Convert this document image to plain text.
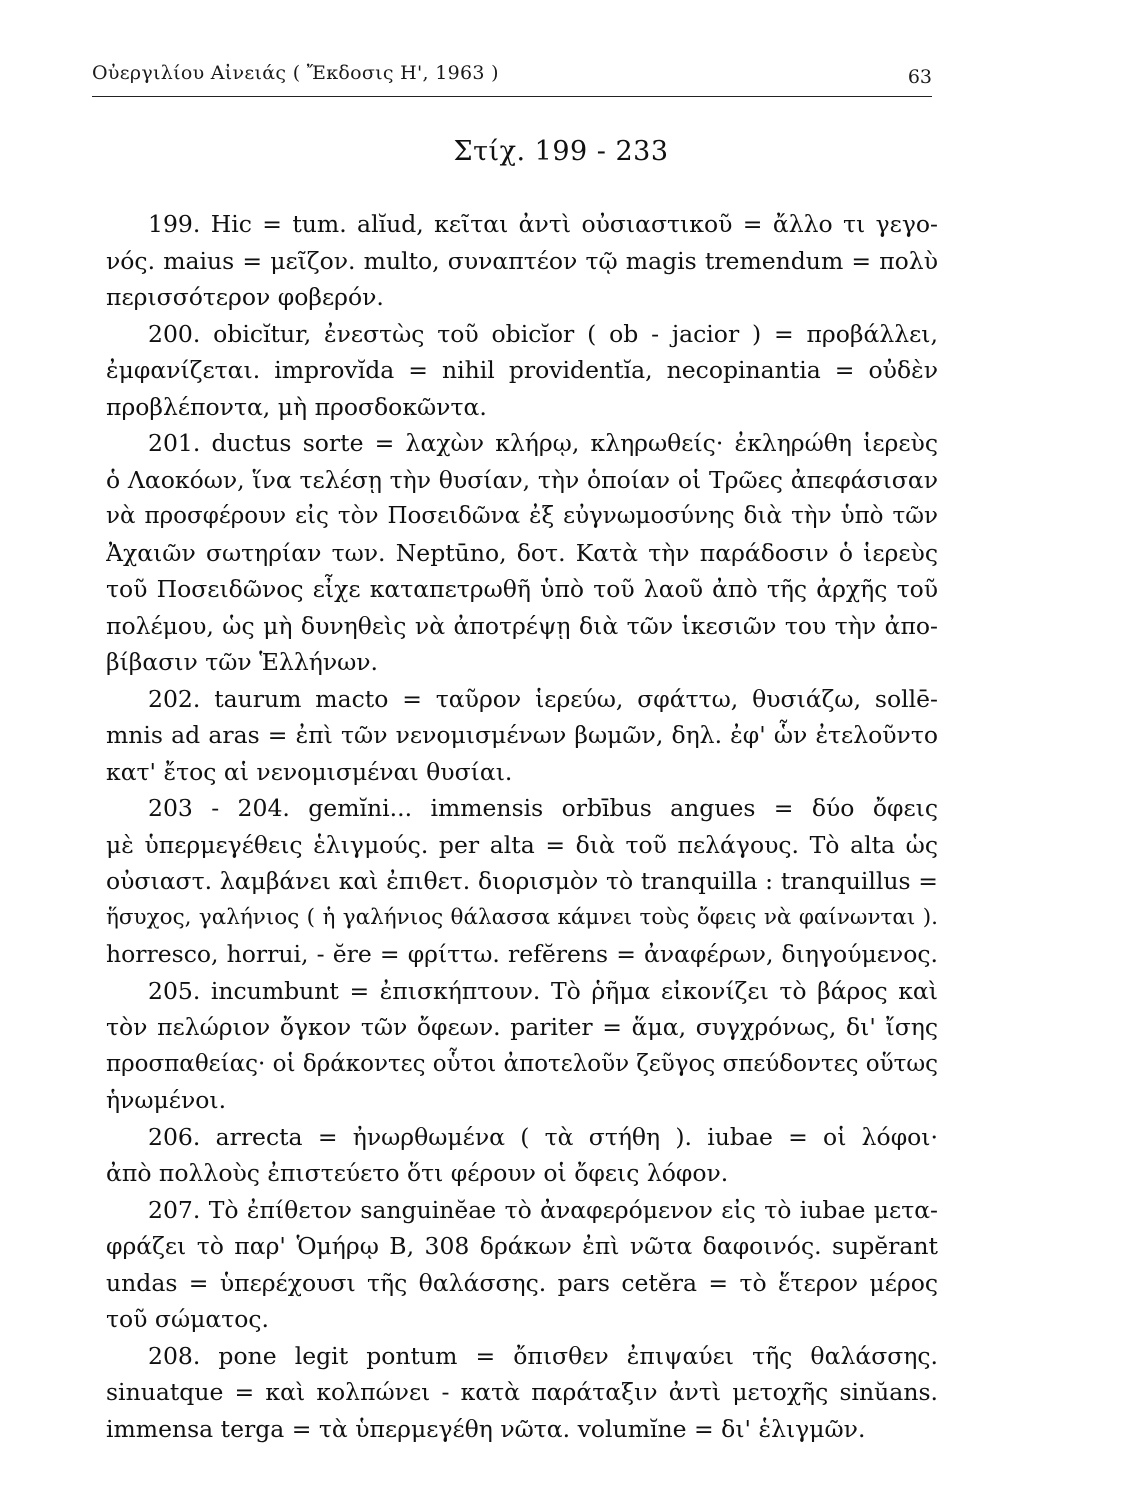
Οὐεργιλίου Αἰνειάς ( Ἔκδοσις Η', 1963 )	63
Στίχ. 199 - 233
199. Hic = tum. alĭud, κεῖται ἀντὶ οὐσιαστικοῦ = ἄλλο τι γεγο-
νός. maius = μεῖζον. multo, συναπτέον τῷ magis tremendum = πολὺ
περισσότερον φοβερόν.
200. obicĭtur, ἐνεστὼς τοῦ obicĭor ( ob - jacior ) = προβάλλει,
ἐμφανίζεται. improvĭda = nihil providentĭa, necopinantia = οὐδὲν
προβλέποντα, μὴ προσδοκῶντα.
201. ductus sorte = λαχὼν κλήρῳ, κληρωθείς· ἐκληρώθη ἱερεὺς
ὁ Λαοκόων, ἵνα τελέσῃ τὴν θυσίαν, τὴν ὁποίαν οἱ Τρῶες ἀπεφάσισαν
νὰ προσφέρουν εἰς τὸν Ποσειδῶνα ἐξ εὐγνωμοσύνης διὰ τὴν ὑπὸ τῶν
Ἀχαιῶν σωτηρίαν των. Neptūno, δοτ. Κατὰ τὴν παράδοσιν ὁ ἱερεὺς
τοῦ Ποσειδῶνος εἶχε καταπετρωθῆ ὑπὸ τοῦ λαοῦ ἀπὸ τῆς ἀρχῆς τοῦ
πολέμου, ὡς μὴ δυνηθεὶς νὰ ἀποτρέψῃ διὰ τῶν ἱκεσιῶν του τὴν ἀπο-
βίβασιν τῶν Ἑλλήνων.
202. taurum macto = ταῦρον ἱερεύω, σφάττω, θυσιάζω, sollē-
mnis ad aras = ἐπὶ τῶν νενομισμένων βωμῶν, δηλ. ἐφ' ὧν ἐτελοῦντο
κατ' ἔτος αἱ νενομισμέναι θυσίαι.
203 - 204. gemĭni... immensis orbībus angues = δύο ὄφεις
μὲ ὑπερμεγέθεις ἑλιγμούς. per alta = διὰ τοῦ πελάγους. Τὸ alta ὡς
οὐσιαστ. λαμβάνει καὶ ἐπιθετ. διορισμὸν τὸ tranquilla : tranquillus =
ἥσυχος, γαλήνιος ( ἡ γαλήνιος θάλασσα κάμνει τοὺς ὄφεις νὰ φαίνωνται ).
horresco, horrui, - ĕre = φρίττω. refĕrens = ἀναφέρων, διηγούμενος.
205. incumbunt = ἐπισκήπτουν. Τὸ ῥῆμα εἰκονίζει τὸ βάρος καὶ
τὸν πελώριον ὄγκον τῶν ὄφεων. pariter = ἅμα, συγχρόνως, δι' ἴσης
προσπαθείας· οἱ δράκοντες οὗτοι ἀποτελοῦν ζεῦγος σπεύδοντες οὕτως
ἡνωμένοι.
206. arrecta = ἠνωρθωμένα ( τὰ στήθη ). iubae = οἱ λόφοι·
ἀπὸ πολλοὺς ἐπιστεύετο ὅτι φέρουν οἱ ὄφεις λόφον.
207. Τὸ ἐπίθετον sanguinĕae τὸ ἀναφερόμενον εἰς τὸ iubae μετα-
φράζει τὸ παρ' Ὁμήρῳ Β, 308 δράκων ἐπὶ νῶτα δαφοινός. supĕrant
undas = ὑπερέχουσι τῆς θαλάσσης. pars cetĕra = τὸ ἕτερον μέρος
τοῦ σώματος.
208. pone legit pontum = ὄπισθεν ἐπιψαύει τῆς θαλάσσης.
sinuatque = καὶ κολπώνει - κατὰ παράταξιν ἀντὶ μετοχῆς sinŭans.
immensa terga = τὰ ὑπερμεγέθη νῶτα. volumĭne = δι' ἑλιγμῶν.
